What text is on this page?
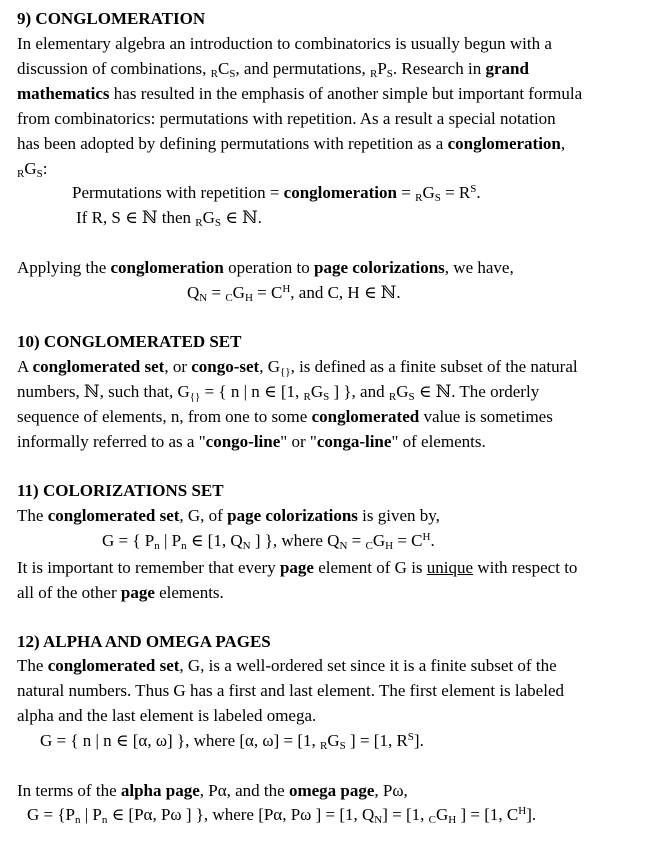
9) CONGLOMERATION
In elementary algebra an introduction to combinatorics is usually begun with a
discussion of combinations, RCS, and permutations, RPS. Research in grand
mathematics has resulted in the emphasis of another simple but important formula
from combinatorics: permutations with repetition. As a result a special notation
has been adopted by defining permutations with repetition as a conglomeration,
RGS:
Permutations with repetition = conglomeration = RGS = $R^S$.
If R, S ∈ ℕ then RGS ∈ ℕ.
Applying the conglomeration operation to page colorizations, we have,
QN = CGH = $C^H$, and C, H ∈ ℕ.
10) CONGLOMERATED SET
A conglomerated set, or congo-set, G{}, is defined as a finite subset of the natural
numbers, ℕ, such that, G{} = { n | n ∈ [1, RGS ] }, and RGS ∈ ℕ. The orderly
sequence of elements, n, from one to some conglomerated value is sometimes
informally referred to as a "congo-line" or "conga-line" of elements.
11) COLORIZATIONS SET
The conglomerated set, G, of page colorizations is given by,
G = { Pn | Pn ∈ [1, QN ] }, where QN = CGH = $C^H$.
It is important to remember that every page element of G is unique with respect to
all of the other page elements.
12) ALPHA AND OMEGA PAGES
The conglomerated set, G, is a well-ordered set since it is a finite subset of the
natural numbers. Thus G has a first and last element. The first element is labeled
alpha and the last element is labeled omega.
G = { n | n ∈ [α, ω] }, where [α, ω] = [1, RGS ] = [1, $R^S$].
In terms of the alpha page, Pα, and the omega page, Pω,
G = {Pn | Pn ∈ [Pα, Pω ] }, where [Pα, Pω ] = [1, QN] = [1, CGH ] = [1, $C^H$].
